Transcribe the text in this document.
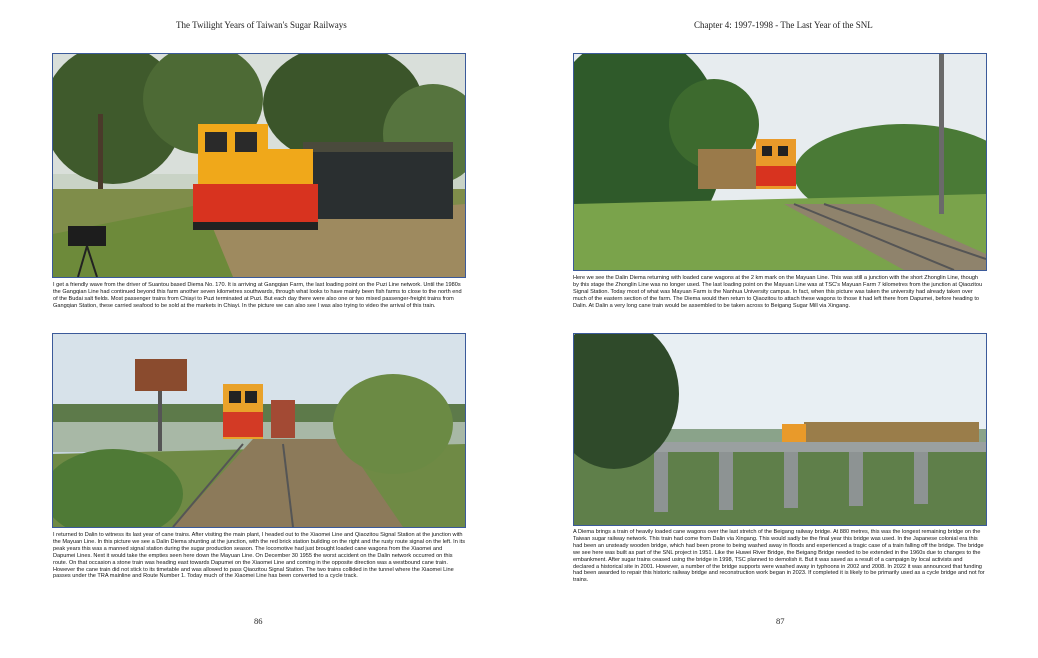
The Twilight Years of Taiwan's Sugar Railways
I get a friendly wave from the driver of Suantou based Diema No. 170. It is arriving at Gangqian Farm, the last loading point on the Puzi Line network. Until the 1980s the Gangqian Line had continued beyond this farm another seven kilometres southwards, through what looks to have mainly been fish farms to close to the north end of the Budai salt fields. Most passenger trains from Chiayi to Puzi terminated at Puzi. But each day there were also one or two mixed passenger-freight trains from Gangqian Station, these carried seafood to be sold at the markets in Chiayi. In the picture we can also see I was also trying to video the arrival of this train.
I returned to Dalin to witness its last year of cane trains. After visiting the main plant, I headed out to the Xiaomei Line and Qiaozitou Signal Station at the junction with the Mayuan Line. In this picture we see a Dalin Diema shunting at the junction, with the red brick station building on the right and the rusty route signal on the left. In its peak years this was a manned signal station during the sugar production season. The locomotive had just brought loaded cane wagons from the Xiaomei and Dapumei Lines. Next it would take the empties seen here down the Mayuan Line. On December 30 1955 the worst accident on the Dalin network occurred on this route. On that occasion a stone train was heading east towards Dapumei on the Xiaomei Line and coming in the opposite direction was a westbound cane train. However the cane train did not stick to its timetable and was allowed to pass Qiaozitou Signal Station. The two trains collided in the tunnel where the Xiaomei Line passes under the TRA mainline and Route Number 1. Today much of the Xiaomei Line has been converted to a cycle track.
86
Chapter 4: 1997-1998 - The Last Year of the SNL
Here we see the Dalin Diema returning with loaded cane wagons at the 2 km mark on the Mayuan Line. This was still a junction with the short Zhonglin Line, though by this stage the Zhonglin Line was no longer used. The last loading point on the Mayuan Line was at TSC's Mayuan Farm 7 kilometres from the junction at Qiaozitou Signal Station. Today most of what was Mayuan Farm is the Nanhua University campus. In fact, when this picture was taken the university had already taken over much of the eastern section of the farm. The Diema would then return to Qiaozitou to attach these wagons to those it had left there from Dapumei, before heading to Dalin. At Dalin a very long cane train would be assembled to be taken across to Beigang Sugar Mill via Xingang.
A Diema brings a train of heavily loaded cane wagons over the last stretch of the Beigang railway bridge. At 880 metres, this was the longest remaining bridge on the Taiwan sugar railway network. This train had come from Dalin via Xingang. This would sadly be the final year this bridge was used. In the Japanese colonial era this had been an unsteady wooden bridge, which had been prone to being washed away in floods and experienced a tragic case of a train falling off the bridge. The bridge we see here was built as part of the SNL project in 1951. Like the Huwei River Bridge, the Beigang Bridge needed to be extended in the 1960s due to changes to the embankment. After sugar trains ceased using the bridge in 1998, TSC planned to demolish it. But it was saved as a result of a campaign by local activists and declared a historical site in 2001. However, a number of the bridge supports were washed away in typhoons in 2002 and 2008. In 2022 it was announced that funding had been awarded to repair this historic railway bridge and reconstruction work began in 2023. If completed it is likely to be primarily used as a cycle bridge and not for trains.
87
